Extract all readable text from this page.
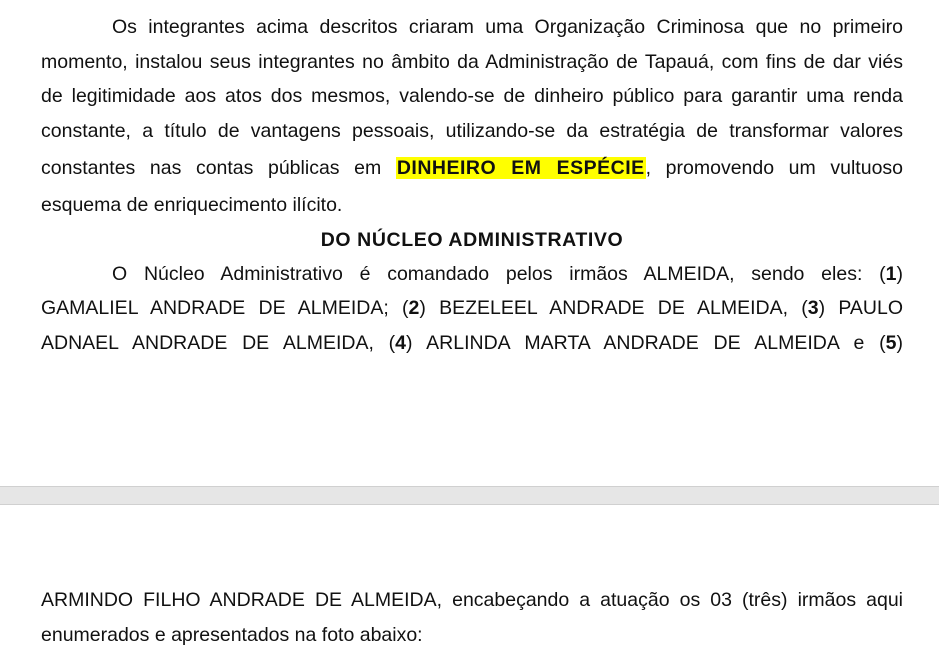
Os integrantes acima descritos criaram uma Organização Criminosa que no primeiro
momento, instalou seus integrantes no âmbito da Administração de Tapauá, com fins de dar viés
de legitimidade aos atos dos mesmos, valendo-se de dinheiro público para garantir uma renda
constante, a título de vantagens pessoais, utilizando-se da estratégia de transformar valores
constantes nas contas públicas em DINHEIRO EM ESPÉCIE, promovendo um vultuoso
esquema de enriquecimento ilícito.
DO NÚCLEO ADMINISTRATIVO
O Núcleo Administrativo é comandado pelos irmãos ALMEIDA, sendo eles: (1)
GAMALIEL ANDRADE DE ALMEIDA; (2) BEZELEEL ANDRADE DE ALMEIDA, (3) PAULO
ADNAEL ANDRADE DE ALMEIDA, (4) ARLINDA MARTA ANDRADE DE ALMEIDA e (5)
ARMINDO FILHO ANDRADE DE ALMEIDA, encabeçando a atuação os 03 (três) irmãos aqui
enumerados e apresentados na foto abaixo:
